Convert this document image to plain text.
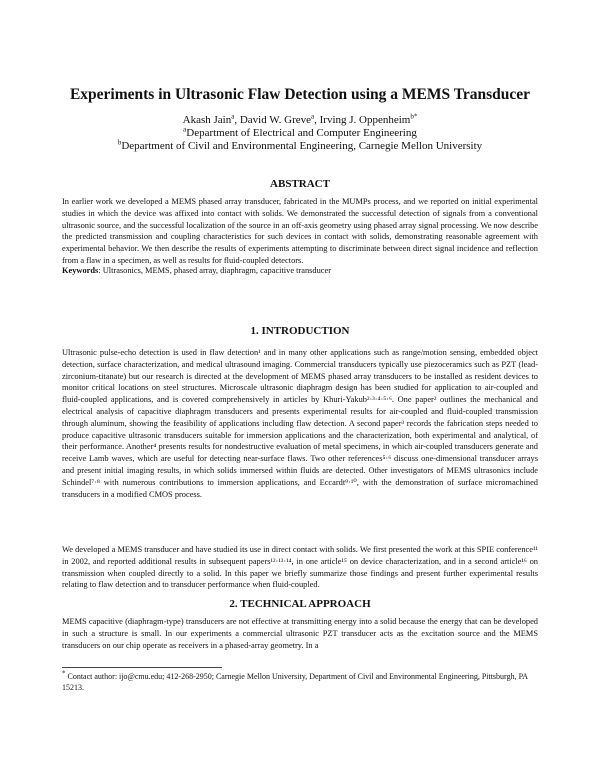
Experiments in Ultrasonic Flaw Detection using a MEMS Transducer
Akash Jain$^a$, David W. Greve$^a$, Irving J. Oppenheim$^{b*}$
$^a$Department of Electrical and Computer Engineering
$^b$Department of Civil and Environmental Engineering, Carnegie Mellon University
ABSTRACT

In earlier work we developed a MEMS phased array transducer, fabricated in the MUMPs process, and we reported on initial experimental studies in which the device was affixed into contact with solids. We demonstrated the successful detection of signals from a conventional ultrasonic source, and the successful localization of the source in an off-axis geometry using phased array signal processing. We now describe the predicted transmission and coupling characteristics for such devices in contact with solids, demonstrating reasonable agreement with experimental behavior. We then describe the results of experiments attempting to discriminate between direct signal incidence and reflection from a flaw in a specimen, as well as results for fluid-coupled detectors.

Keywords: Ultrasonics, MEMS, phased array, diaphragm, capacitive transducer
1. INTRODUCTION

Ultrasonic pulse-echo detection is used in flaw detection¹ and in many other applications such as range/motion sensing, embedded object detection, surface characterization, and medical ultrasound imaging. Commercial transducers typically use piezoceramics such as PZT (lead-zirconium-titanate) but our research is directed at the development of MEMS phased array transducers to be installed as resident devices to monitor critical locations on steel structures. Microscale ultrasonic diaphragm design has been studied for application to air-coupled and fluid-coupled applications, and is covered comprehensively in articles by Khuri-Yakub²·³·⁴·⁵·⁶. One paper² outlines the mechanical and electrical analysis of capacitive diaphragm transducers and presents experimental results for air-coupled and fluid-coupled transmission through aluminum, showing the feasibility of applications including flaw detection. A second paper³ records the fabrication steps needed to produce capacitive ultrasonic transducers suitable for immersion applications and the characterization, both experimental and analytical, of their performance. Another⁴ presents results for nondestructive evaluation of metal specimens, in which air-coupled transducers generate and receive Lamb waves, which are useful for detecting near-surface flaws. Two other references⁵·⁶ discuss one-dimensional transducer arrays and present initial imaging results, in which solids immersed within fluids are detected. Other investigators of MEMS ultrasonics include Schindel⁷·⁸ with numerous contributions to immersion applications, and Eccardt⁹·¹⁰, with the demonstration of surface micromachined transducers in a modified CMOS process.

We developed a MEMS transducer and have studied its use in direct contact with solids. We first presented the work at this SPIE conference¹¹ in 2002, and reported additional results in subsequent papers¹²·¹³·¹⁴, in one article¹⁵ on device characterization, and in a second article¹⁶ on transmission when coupled directly to a solid. In this paper we briefly summarize those findings and present further experimental results relating to flaw detection and to transducer performance when fluid-coupled.

2. TECHNICAL APPROACH

MEMS capacitive (diaphragm-type) transducers are not effective at transmitting energy into a solid because the energy that can be developed in such a structure is small. In our experiments a commercial ultrasonic PZT transducer acts as the excitation source and the MEMS transducers on our chip operate as receivers in a phased-array geometry. In a

* Contact author: ijo@cmu.edu; 412-268-2950; Carnegie Mellon University, Department of Civil and Environmental Engineering, Pittsburgh, PA 15213.
